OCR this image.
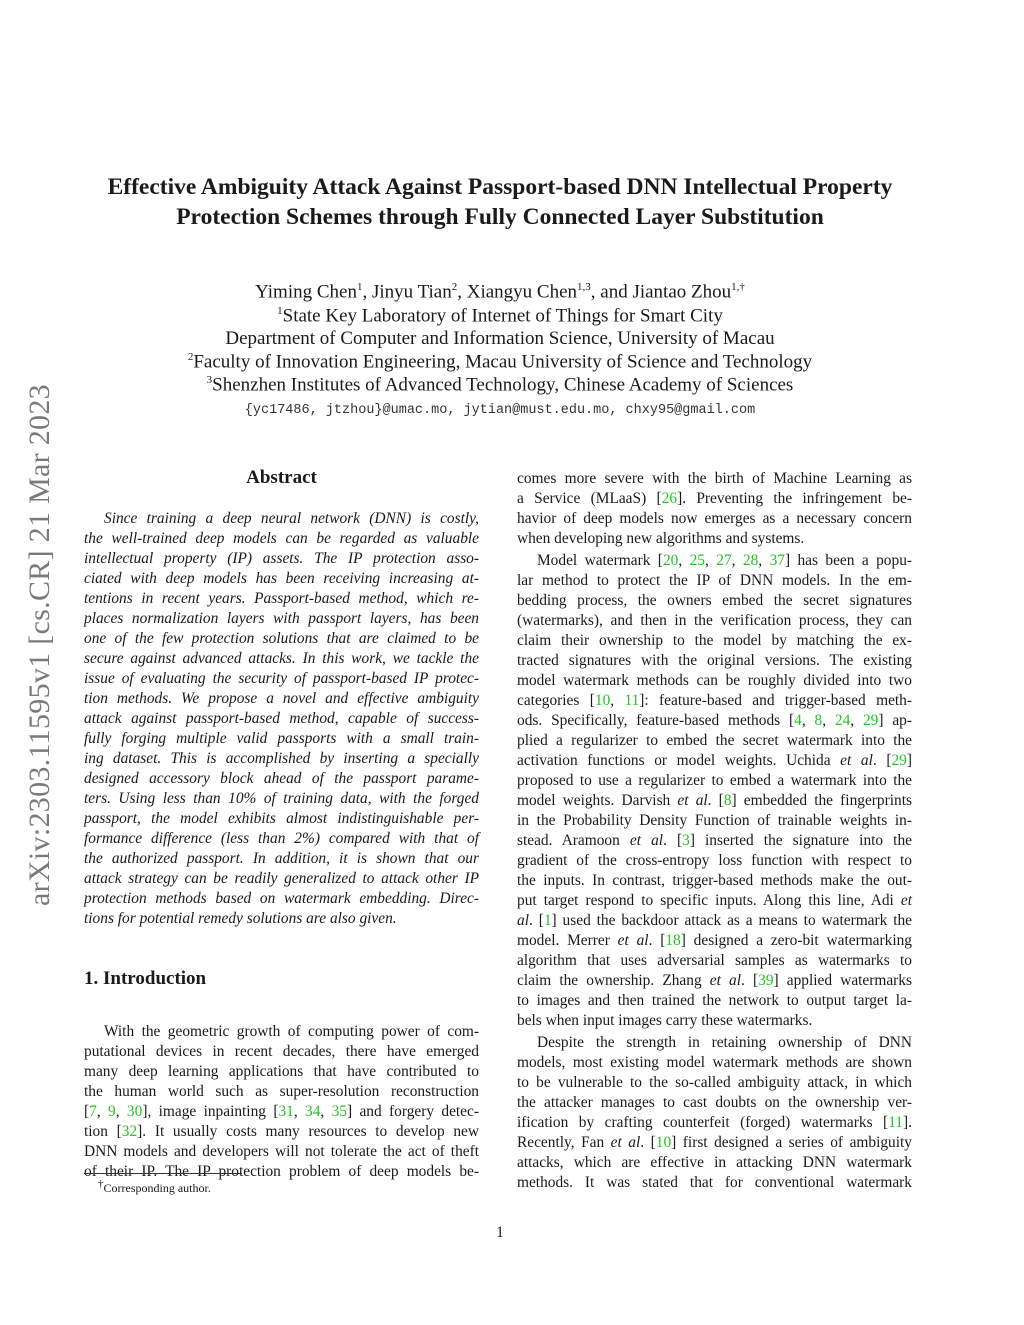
arXiv:2303.11595v1 [cs.CR] 21 Mar 2023
Effective Ambiguity Attack Against Passport-based DNN Intellectual Property
Protection Schemes through Fully Connected Layer Substitution
Yiming Chen$^1$, Jinyu Tian$^2$, Xiangyu Chen$^{1,3}$, and Jiantao Zhou$^{1,\dagger}$
$^1$State Key Laboratory of Internet of Things for Smart City
Department of Computer and Information Science, University of Macau
$^2$Faculty of Innovation Engineering, Macau University of Science and Technology
$^3$Shenzhen Institutes of Advanced Technology, Chinese Academy of Sciences
{yc17486, jtzhou}@umac.mo, jytian@must.edu.mo, chxy95@gmail.com
Abstract
Since training a deep neural network (DNN) is costly,
the well-trained deep models can be regarded as valuable
intellectual property (IP) assets. The IP protection asso-
ciated with deep models has been receiving increasing at-
tentions in recent years. Passport-based method, which re-
places normalization layers with passport layers, has been
one of the few protection solutions that are claimed to be
secure against advanced attacks. In this work, we tackle the
issue of evaluating the security of passport-based IP protec-
tion methods. We propose a novel and effective ambiguity
attack against passport-based method, capable of success-
fully forging multiple valid passports with a small train-
ing dataset. This is accomplished by inserting a specially
designed accessory block ahead of the passport parame-
ters. Using less than 10% of training data, with the forged
passport, the model exhibits almost indistinguishable per-
formance difference (less than 2%) compared with that of
the authorized passport. In addition, it is shown that our
attack strategy can be readily generalized to attack other IP
protection methods based on watermark embedding. Direc-
tions for potential remedy solutions are also given.
1. Introduction
With the geometric growth of computing power of com-
putational devices in recent decades, there have emerged
many deep learning applications that have contributed to
the human world such as super-resolution reconstruction
[7, 9, 30], image inpainting [31, 34, 35] and forgery detec-
tion [32]. It usually costs many resources to develop new
DNN models and developers will not tolerate the act of theft
of their IP. The IP protection problem of deep models be-
comes more severe with the birth of Machine Learning as
a Service (MLaaS) [26]. Preventing the infringement be-
havior of deep models now emerges as a necessary concern
when developing new algorithms and systems.
Model watermark [20, 25, 27, 28, 37] has been a popu-
lar method to protect the IP of DNN models. In the em-
bedding process, the owners embed the secret signatures
(watermarks), and then in the verification process, they can
claim their ownership to the model by matching the ex-
tracted signatures with the original versions. The existing
model watermark methods can be roughly divided into two
categories [10, 11]: feature-based and trigger-based meth-
ods. Specifically, feature-based methods [4, 8, 24, 29] ap-
plied a regularizer to embed the secret watermark into the
activation functions or model weights. Uchida et al. [29]
proposed to use a regularizer to embed a watermark into the
model weights. Darvish et al. [8] embedded the fingerprints
in the Probability Density Function of trainable weights in-
stead. Aramoon et al. [3] inserted the signature into the
gradient of the cross-entropy loss function with respect to
the inputs. In contrast, trigger-based methods make the out-
put target respond to specific inputs. Along this line, Adi et
al. [1] used the backdoor attack as a means to watermark the
model. Merrer et al. [18] designed a zero-bit watermarking
algorithm that uses adversarial samples as watermarks to
claim the ownership. Zhang et al. [39] applied watermarks
to images and then trained the network to output target la-
bels when input images carry these watermarks.
Despite the strength in retaining ownership of DNN
models, most existing model watermark methods are shown
to be vulnerable to the so-called ambiguity attack, in which
the attacker manages to cast doubts on the ownership ver-
ification by crafting counterfeit (forged) watermarks [11].
Recently, Fan et al. [10] first designed a series of ambiguity
attacks, which are effective in attacking DNN watermark
methods. It was stated that for conventional watermark
†Corresponding author.
1
